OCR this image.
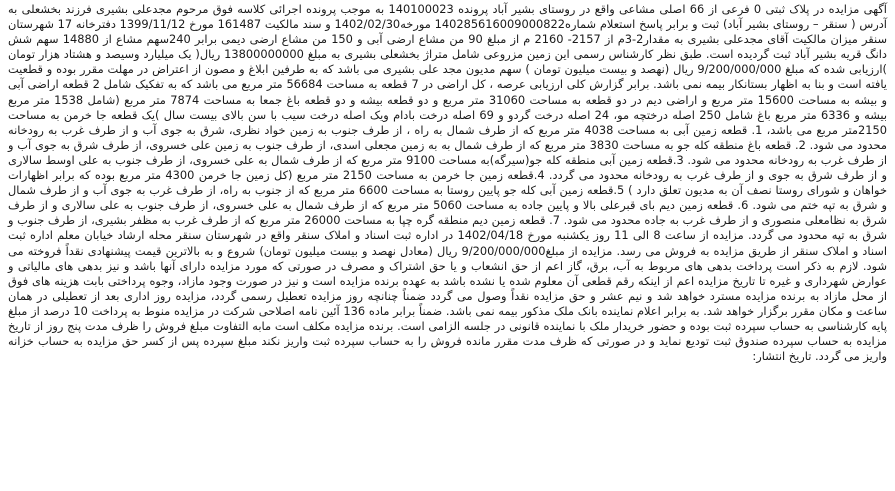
آگهی مزایده در پلاک ثبتی 0 فرعی از 66 اصلی مشاعی واقع در روستای بشیر آباد پرونده 140100023 به موجب پرونده اجرائی کلاسه فوق مرحوم مجدعلی بشیری فرزند بخشعلی به آدرس ( سنقر – روستای بشیر آباد) ثبت و برابر پاسخ استعلام شماره140285616009000822 مورخه1402/02/30 و سند مالکیت 161487 مورخ 1399/11/12 دفترخانه 17 شهرستان سنقر میزان مالکیت آقای مجدعلی بشیری به مقدار2-3م از 2157- 2160 م از مبلغ 90 من مشاع ارضی آبی و 150 من مشاع ارضی دیمی برابر 240سهم مشاع از 14880 سهم شش دانگ قریه بشیر آباد ثبت گردیده است. طبق نظر کارشناس رسمی این زمین مزروعی شامل متراژ بخشعلی بشیری به مبلغ 13800000000 ریال( یک میلیارد وسیصد و هشتاد هزار تومان )ارزیابی شده که مبلغ 9/200/000/000 ریال (نهصد و بیست میلیون تومان ) سهم مدیون مجد علی بشیری می باشد که به طرفین ابلاغ و مصون از اعتراض در مهلت مقرر بوده و قطعیت یافته است و بنا به اظهار بستانکار بیمه نمی باشد. برابر گزارش کلی ارزیابی عرصه ، کل اراضی در 7 قطعه به مساحت 56684 متر مربع می باشد که به تفکیک شامل 2 قطعه اراضی آبی و بیشه به مساحت 15600 متر مربع و اراضی دیم در دو قطعه به مساحت 31060 متر مربع و دو قطعه بیشه و دو قطعه باغ جمعا به مساحت 7874 متر مربع (شامل 1538 متر مربع بیشه و 6336 متر مربع باغ شامل 250 اصله درختچه مو، 24 اصله درخت گردو و 69 اصله درخت بادام ویک اصله درخت سیب با سن بالای بیست سال )یک قطعه جا خرمن به مساحت 2150متر مربع می باشد، 1. قطعه زمین آبی به مساحت 4038 متر مربع که از طرف شمال به راه ، از طرف جنوب به زمین خواد نظری، شرق به جوی آب و از طرف غرب به رودخانه محدود می شود. 2. قطعه باغ منطقه کله جو به مساحت 3830 متر مربع که از طرف شمال به به زمین مجعلی اسدی، از طرف جنوب به زمین علی خسروی، از طرف شرق به جوی آب و از طرف غرب به رودخانه محدود می شود. 3.قطعه زمین آبی منطقه کله جو(سیرگه)به مساحت 9100 متر مربع که از طرف شمال به علی خسروی، از طرف جنوب به علی اوسط سالاری و از طرف شرق به جوی و از طرف غرب به رودخانه محدود می گردد. 4.قطعه زمین جا خرمن به مساحت 2150 متر مربع (کل زمین جا خرمن 4300 متر مربع بوده که برابر اظهارات خواهان و شورای روستا نصف آن به مدیون تعلق دارد ) 5.قطعه زمین آبی کله جو پایین روستا به مساحت 6600 متر مربع که از جنوب به راه، از طرف غرب به جوی آب و از طرف شمال و شرق به تپه ختم می شود. 6. قطعه زمین دیم بای قبرعلی بالا و پایین جاده به مساحت 5060 متر مربع که از طرف شمال به علی خسروی، از طرف جنوب به علی سالاری و از طرف شرق به نظامعلی منصوری و از طرف غرب به جاده محدود می شود. 7. قطعه زمین دیم منطقه گره چپا به مساحت 26000 متر مربع که از طرف غرب به مظفر بشیری، از طرف جنوب و شرق به تپه محدود می گردد. مزایده از ساعت 8 الی 11 روز یکشنبه مورخ 1402/04/18 در اداره ثبت اسناد و املاک سنقر واقع در شهرستان سنقر محله ارشاد خیابان معلم اداره ثبت اسناد و املاک سنقر از طریق مزایده به فروش می رسد. مزایده از مبلغ9/200/000/000 ریال (معادل نهصد و بیست میلیون تومان) شروع و به بالاترین قیمت پیشنهادی نقداً فروخته می شود. لازم به ذکر است پرداخت بدهی های مربوط به آب، برق، گاز اعم از حق انشعاب و یا حق اشتراک و مصرف در صورتی که مورد مزایده دارای آنها باشد و نیز بدهی های مالیاتی و عوارض شهرداری و غیره تا تاریخ مزایده اعم از اینکه رقم قطعی آن معلوم شده یا نشده باشد به عهده برنده مزایده است و نیز در صورت وجود مازاد، وجوه پرداختی بابت هزینه های فوق از محل مازاد به برنده مزایده مسترد خواهد شد و نیم عشر و حق مزایده نقداً وصول می گردد ضمناً چنانچه روز مزایده تعطیل رسمی گردد، مزایده روز اداری بعد از تعطیلی در همان ساعت و مکان مقرر برگزار خواهد شد. به برابر اعلام نماینده بانک ملک مذکور بیمه نمی باشد. ضمناً برابر ماده 136 آئین نامه اصلاحی شرکت در مزایده منوط به پرداخت 10 درصد از مبلغ پایه کارشناسی به حساب سپرده ثبت بوده و حضور خریدار ملک با نماینده قانونی در جلسه الزامی است. برنده مزایده مکلف است مابه التفاوت مبلغ فروش را ظرف مدت پنج روز از تاریخ مزایده به حساب سپرده صندوق ثبت تودیع نماید و در صورتی که ظرف مدت مقرر مانده فروش را به حساب سپرده ثبت واریز نکند مبلغ سپرده پس از کسر حق مزایده به حساب خزانه واریز می گردد. تاریخ انتشار:
